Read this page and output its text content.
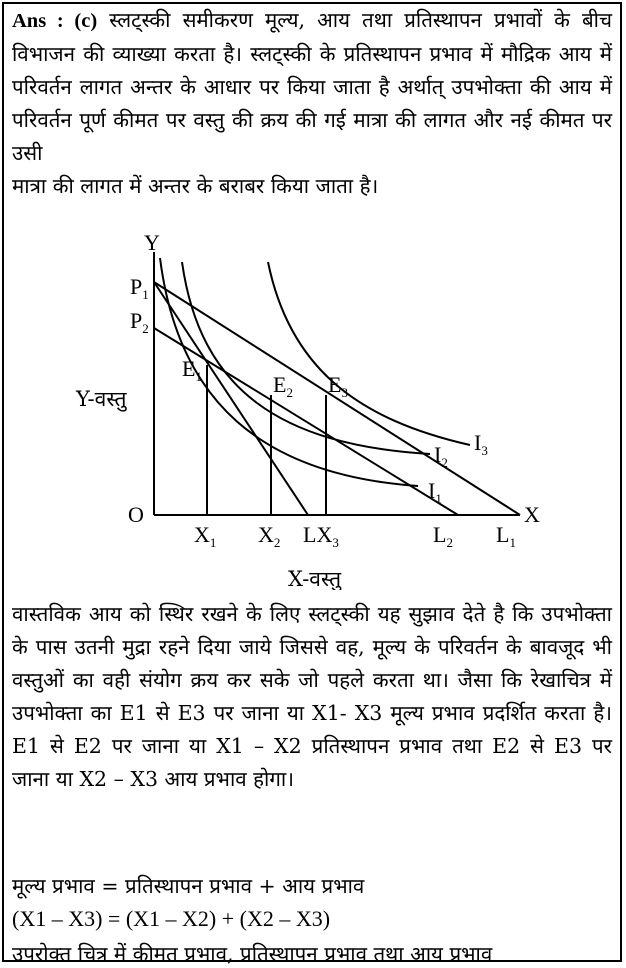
Ans : (c) स्लट्स्की समीकरण मूल्य, आय तथा प्रतिस्थापन प्रभावों के बीच विभाजन की व्याख्या करता है। स्लट्स्की के प्रतिस्थापन प्रभाव में मौद्रिक आय में परिवर्तन लागत अन्तर के आधार पर किया जाता है अर्थात् उपभोक्ता की आय में परिवर्तन पूर्ण कीमत पर वस्तु की क्रय की गई मात्रा की लागत और नई कीमत पर उसी
मात्रा की लागत में अन्तर के बराबर किया जाता है।
Y
X
O
$P_1$
$P_2$
$E_1$	$E_2$ $E_3$
$I_1$
$I_2$
$I_3$
$X_1$ $X_2$ $LX_3$	$L_2$ $L_1$
Y-वस्तु
X-वस्तु
वास्तविक आय को स्थिर रखने के लिए स्लट्स्की यह सुझाव देते है कि उपभोक्ता के पास उतनी मुद्रा रहने दिया जाये जिससे वह, मूल्य के परिवर्तन के बावजूद भी वस्तुओं का वही संयोग क्रय कर सके जो पहले करता था। जैसा कि रेखाचित्र में उपभोक्ता का E1 से E3 पर जाना या X1- X3 मूल्य प्रभाव प्रदर्शित करता है। E1 से E2 पर जाना या X1 – X2 प्रतिस्थापन प्रभाव तथा E2 से E3 पर
जाना या X2 – X3 आय प्रभाव होगा।
मूल्य प्रभाव = प्रतिस्थापन प्रभाव + आय प्रभाव
(X1 – X3) = (X1 – X2) + (X2 – X3)
उपरोक्त चित्र में कीमत प्रभाव, प्रतिस्थापन प्रभाव तथा आय प्रभाव
